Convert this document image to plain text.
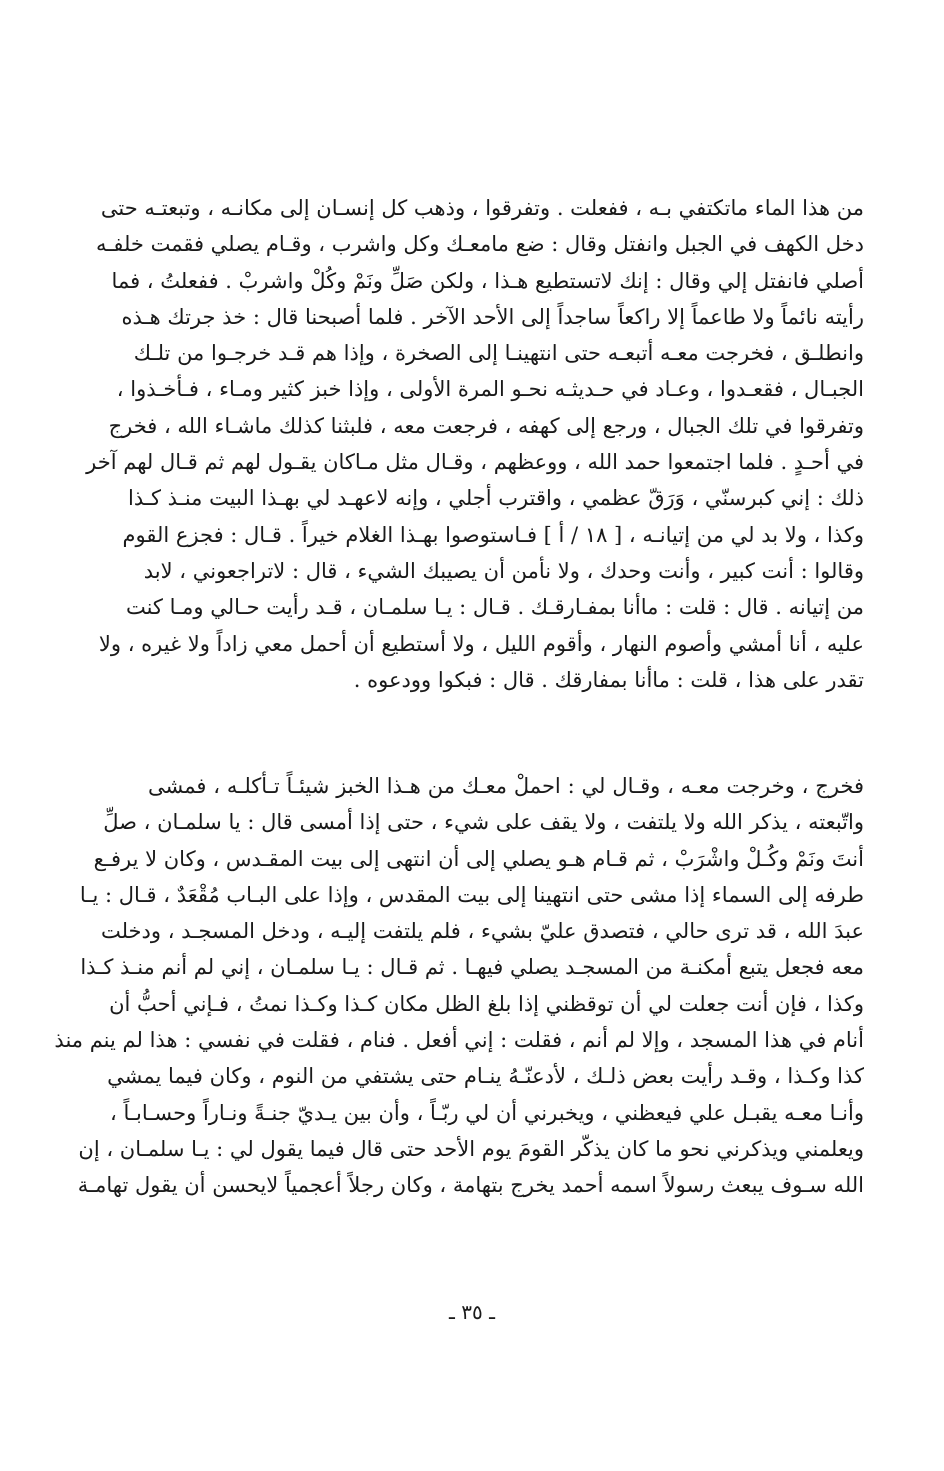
من هذا الماء ماتكتفي بـه ، ففعلت . وتفرقوا ، وذهب كل إنسـان إلى مكانـه ، وتبعتـه حتى
دخل الكهف في الجبل وانفتل وقال : ضع مامعـك وكل واشرب ، وقـام يصلي فقمت خلفـه
أصلي فانفتل إلي وقال : إنك لاتستطيع هـذا ، ولكن صَلِّ ونَمْ وكُلْ واشربْ . ففعلتُ ، فما
رأيته نائماً ولا طاعماً إلا راكعاً ساجداً إلى الأحد الآخر . فلما أصبحنا قال : خذ جرتك هـذه
وانطلـق ، فخرجت معـه أتبعـه حتى انتهينـا إلى الصخرة ، وإذا هم قـد خرجـوا من تلـك
الجبـال ، فقعـدوا ، وعـاد في حـديثـه نحـو المرة الأولى ، وإذا خبز كثير ومـاء ، فـأخـذوا ،
وتفرقوا في تلك الجبال ، ورجع إلى كهفه ، فرجعت معه ، فلبثنا كذلك ماشـاء الله ، فخرج
في أحـدٍ . فلما اجتمعوا حمد الله ، ووعظهم ، وقـال مثل مـاكان يقـول لهم ثم قـال لهم آخر
ذلك : إني كبرسنّي ، وَرَقّ عظمي ، واقترب أجلي ، وإنه لاعهـد لي بهـذا البيت منـذ كـذا
وكذا ، ولا بد لي من إتيانـه ، [ ١٨ / أ ] فـاستوصوا بهـذا الغلام خيراً . قـال : فجزع القوم
وقالوا : أنت كبير ، وأنت وحدك ، ولا نأمن أن يصيبك الشيء ، قال : لاتراجعوني ، لابد
من إتيانه . قال : قلت : ماأنا بمفـارقـك . قـال : يـا سلمـان ، قـد رأيت حـالي ومـا كنت
عليه ، أنا أمشي وأصوم النهار ، وأقوم الليل ، ولا أستطيع أن أحمل معي زاداً ولا غيره ، ولا
تقدر على هذا ، قلت : ماأنا بمفارقك . قال : فبكوا وودعوه .
فخرج ، وخرجت معـه ، وقـال لي : احملْ معـك من هـذا الخبز شيئـاً تـأكلـه ، فمشى
واتّبعته ، يذكر الله ولا يلتفت ، ولا يقف على شيء ، حتى إذا أمسى قال : يا سلمـان ، صلِّ
أنتَ ونَمْ وكُـلْ واشْرَبْ ، ثم قـام هـو يصلي إلى أن انتهى إلى بيت المقـدس ، وكان لا يرفـع
طرفه إلى السماء إذا مشى حتى انتهينا إلى بيت المقدس ، وإذا على البـاب مُقْعَدٌ ، قـال : يـا
عبدَ الله ، قد ترى حالي ، فتصدق عليّ بشيء ، فلم يلتفت إليـه ، ودخل المسجـد ، ودخلت
معه فجعل يتبع أمكنـة من المسجـد يصلي فيهـا . ثم قـال : يـا سلمـان ، إني لم أنم منـذ كـذا
وكذا ، فإن أنت جعلت لي أن توقظني إذا بلغ الظل مكان كـذا وكـذا نمتُ ، فـإني أحبُّ أن
أنام في هذا المسجد ، وإلا لم أنم ، فقلت : إني أفعل . فنام ، فقلت في نفسي : هذا لم ينم منذ
كذا وكـذا ، وقـد رأيت بعض ذلـك ، لأدعنّـهُ ينـام حتى يشتفي من النوم ، وكان فيما يمشي
وأنـا معـه يقبـل علي فيعظني ، ويخبرني أن لي ربّـاً ، وأن بين يـديّ جنـةً ونـاراً وحسـابـاً ،
ويعلمني ويذكرني نحو ما كان يذكّر القومَ يوم الأحد حتى قال فيما يقول لي : يـا سلمـان ، إن
الله سـوف يبعث رسولاً اسمه أحمد يخرج بتهامة ، وكان رجلاً أعجمياً لايحسن أن يقول تهامـة
ـ ٣٥ ـ
